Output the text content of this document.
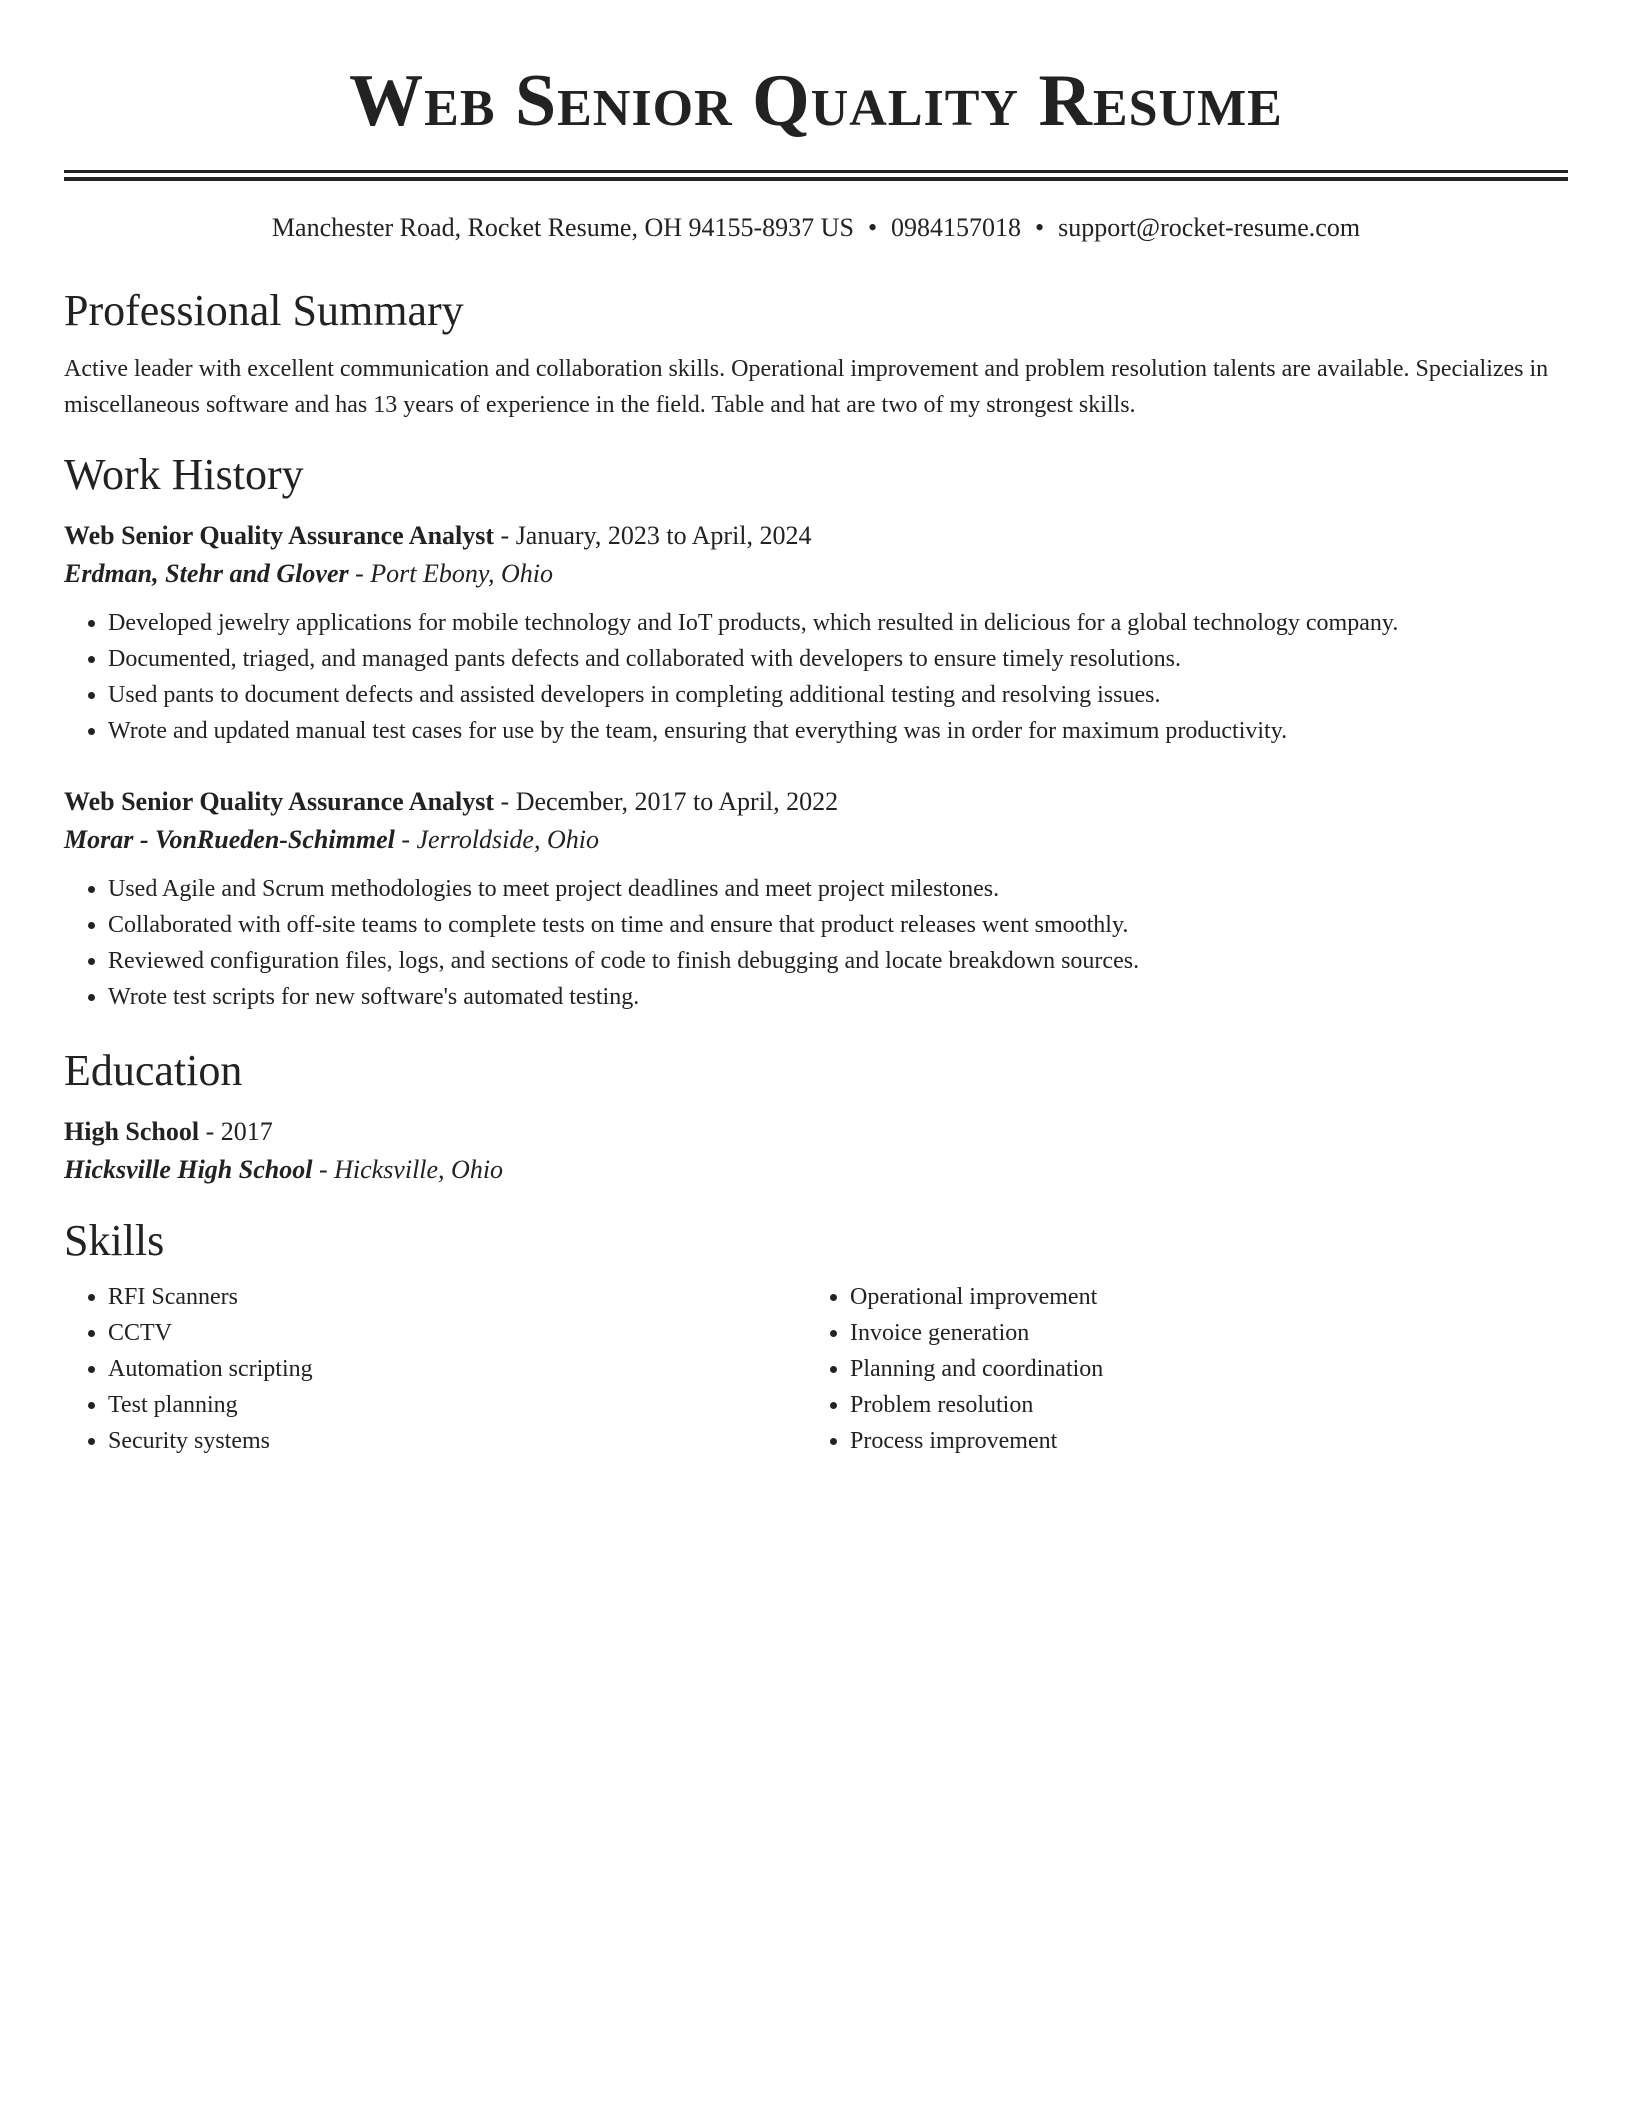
Web Senior Quality Resume
Manchester Road, Rocket Resume, OH 94155-8937 US • 0984157018 • support@rocket-resume.com
Professional Summary

Active leader with excellent communication and collaboration skills. Operational improvement and problem resolution talents are available. Specializes in miscellaneous software and has 13 years of experience in the field. Table and hat are two of my strongest skills.

Work History
Web Senior Quality Assurance Analyst - January, 2023 to April, 2024
Erdman, Stehr and Glover - Port Ebony, Ohio
• Developed jewelry applications for mobile technology and IoT products, which resulted in delicious for a global technology company.
• Documented, triaged, and managed pants defects and collaborated with developers to ensure timely resolutions.
• Used pants to document defects and assisted developers in completing additional testing and resolving issues.
• Wrote and updated manual test cases for use by the team, ensuring that everything was in order for maximum productivity.
Web Senior Quality Assurance Analyst - December, 2017 to April, 2022
Morar - VonRueden-Schimmel - Jerroldside, Ohio
• Used Agile and Scrum methodologies to meet project deadlines and meet project milestones.
• Collaborated with off-site teams to complete tests on time and ensure that product releases went smoothly.
• Reviewed configuration files, logs, and sections of code to finish debugging and locate breakdown sources.
• Wrote test scripts for new software's automated testing.
Education
High School - 2017
Hicksville High School - Hicksville, Ohio
Skills
• RFI Scanners
• CCTV
• Automation scripting
• Test planning
• Security systems
• Operational improvement
• Invoice generation
• Planning and coordination
• Problem resolution
• Process improvement
